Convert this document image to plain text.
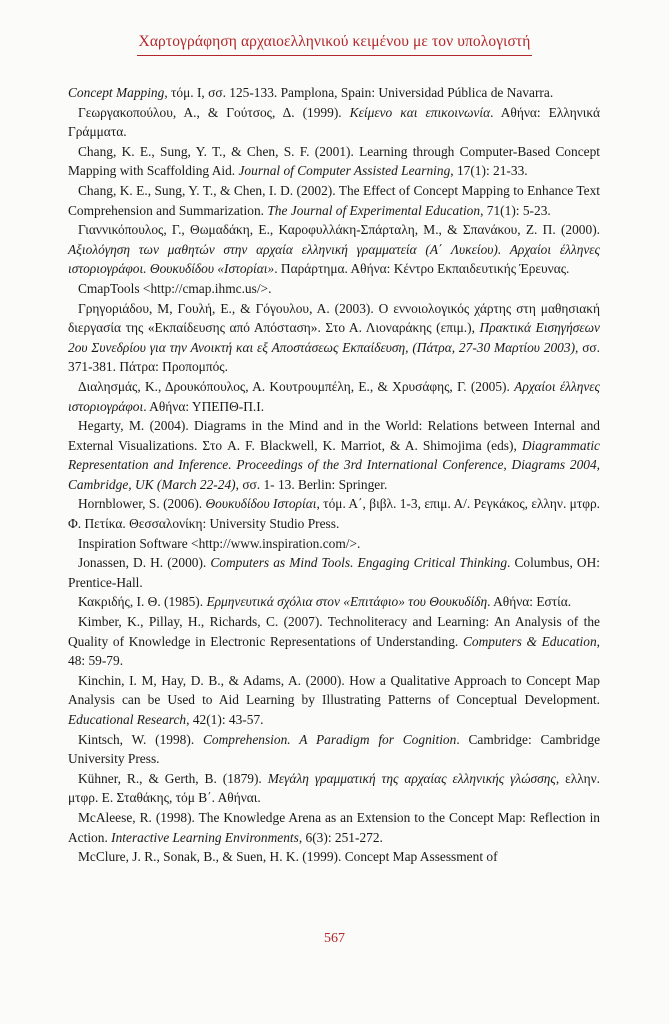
Χαρτογράφηση αρχαιοελληνικού κειμένου με τον υπολογιστή

Concept Mapping, τόμ. Ι, σσ. 125-133. Pamplona, Spain: Universidad Pública de Navarra.

Γεωργακοπούλου, Α., & Γούτσος, Δ. (1999). Κείμενο και επικοινωνία. Αθήνα: Ελληνικά Γράμματα.

Chang, K. E., Sung, Y. T., & Chen, S. F. (2001). Learning through Computer-Based Concept Mapping with Scaffolding Aid. Journal of Computer Assisted Learning, 17(1): 21-33.

Chang, K. E., Sung, Y. T., & Chen, I. D. (2002). The Effect of Concept Mapping to Enhance Text Comprehension and Summarization. The Journal of Experimental Education, 71(1): 5-23.

Γιαννικόπουλος, Γ., Θωμαδάκη, Ε., Καροφυλλάκη-Σπάρταλη, Μ., & Σπανάκου, Ζ. Π. (2000). Αξιολόγηση των μαθητών στην αρχαία ελληνική γραμματεία (Α΄ Λυκείου). Αρχαίοι έλληνες ιστοριογράφοι. Θουκυδίδου «Ιστορίαι». Παράρτημα. Αθήνα: Κέντρο Εκπαιδευτικής Έρευνας.

CmapTools <http://cmap.ihmc.us/>.

Γρηγοριάδου, Μ, Γουλή, Ε., & Γόγουλου, Α. (2003). Ο εννοιολογικός χάρτης στη μαθησιακή διεργασία της «Εκπαίδευσης από Απόσταση». Στο Α. Λιοναράκης (επιμ.), Πρακτικά Εισηγήσεων 2ου Συνεδρίου για την Ανοικτή και εξ Αποστάσεως Εκπαίδευση, (Πάτρα, 27-30 Μαρτίου 2003), σσ. 371-381. Πάτρα: Προπομπός.

Διαλησμάς, Κ., Δρουκόπουλος, Α. Κουτρουμπέλη, Ε., & Χρυσάφης, Γ. (2005). Αρχαίοι έλληνες ιστοριογράφοι. Αθήνα: ΥΠΕΠΘ-Π.Ι.

Hegarty, M. (2004). Diagrams in the Mind and in the World: Relations between Internal and External Visualizations. Στο A. F. Blackwell, K. Marriot, & A. Shimojima (eds), Diagrammatic Representation and Inference. Proceedings of the 3rd International Conference, Diagrams 2004, Cambridge, UK (March 22-24), σσ. 1- 13. Berlin: Springer.

Hornblower, S. (2006). Θουκυδίδου Ιστορίαι, τόμ. Α΄, βιβλ. 1-3, επιμ. Α/. Ρεγκάκος, ελλην. μτφρ. Φ. Πετίκα. Θεσσαλονίκη: University Studio Press.

Inspiration Software <http://www.inspiration.com/>.

Jonassen, D. H. (2000). Computers as Mind Tools. Engaging Critical Thinking. Columbus, OH: Prentice-Hall.

Κακριδής, Ι. Θ. (1985). Ερμηνευτικά σχόλια στον «Επιτάφιο» του Θουκυδίδη. Αθήνα: Εστία.

Kimber, K., Pillay, H., Richards, C. (2007). Technoliteracy and Learning: An Analysis of the Quality of Knowledge in Electronic Representations of Understanding. Computers & Education, 48: 59-79.

Kinchin, I. M, Hay, D. B., & Adams, A. (2000). How a Qualitative Approach to Concept Map Analysis can be Used to Aid Learning by Illustrating Patterns of Conceptual Development. Educational Research, 42(1): 43-57.

Kintsch, W. (1998). Comprehension. A Paradigm for Cognition. Cambridge: Cambridge University Press.

Kühner, R., & Gerth, B. (1879). Μεγάλη γραμματική της αρχαίας ελληνικής γλώσσης, ελλην. μτφρ. Ε. Σταθάκης, τόμ Β΄. Αθήναι.

McAleese, R. (1998). The Knowledge Arena as an Extension to the Concept Map: Reflection in Action. Interactive Learning Environments, 6(3): 251-272.

McClure, J. R., Sonak, B., & Suen, H. K. (1999). Concept Map Assessment of

567
